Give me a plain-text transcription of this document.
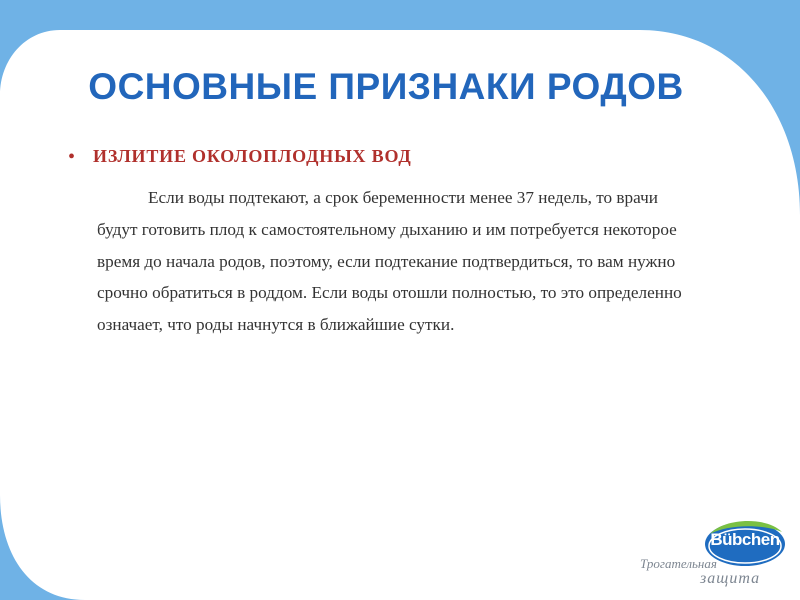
ОСНОВНЫЕ ПРИЗНАКИ РОДОВ
• ИЗЛИТИЕ ОКОЛОПЛОДНЫХ ВОД
Если воды подтекают, а срок беременности менее 37 недель, то врачи будут готовить плод к самостоятельному дыханию и им потребуется некоторое время до начала родов, поэтому, если подтекание подтвердиться, то вам нужно срочно обратиться в роддом. Если воды отошли полностью, то это определенно означает, что роды начнутся в ближайшие сутки.
Bübchen
Трогательная
защита
